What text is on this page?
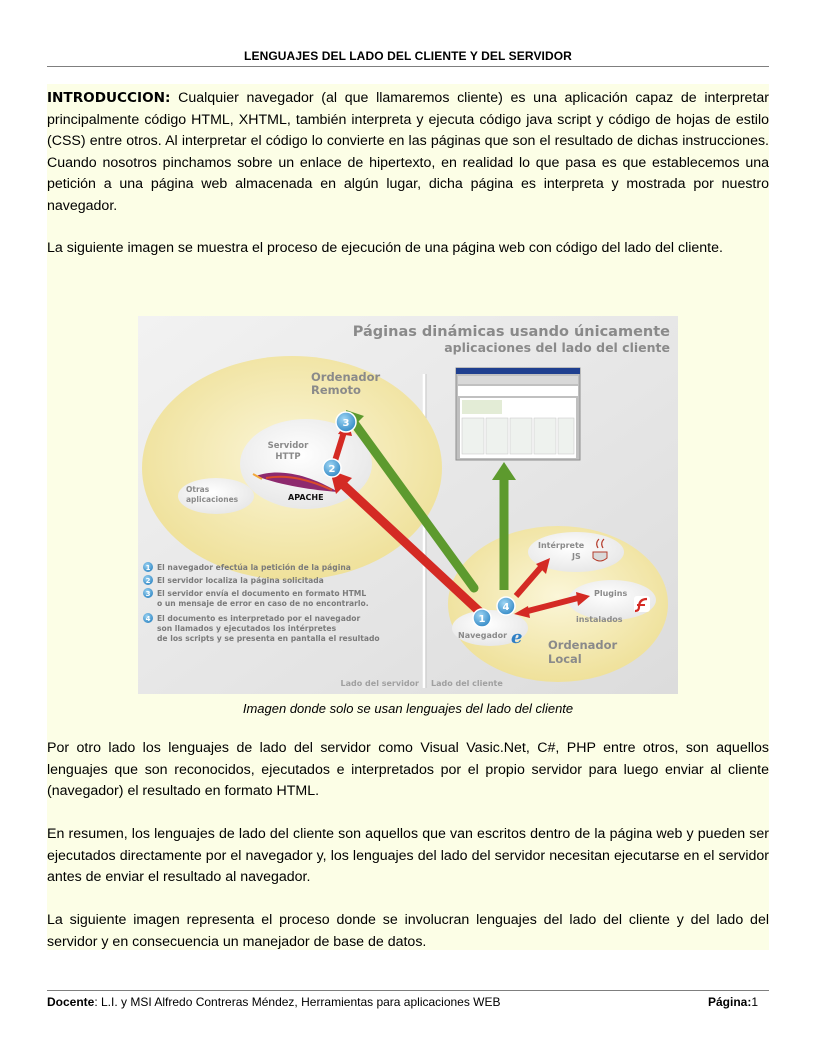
LENGUAJES DEL LADO DEL CLIENTE Y DEL SERVIDOR
INTRODUCCION: Cualquier navegador (al que llamaremos cliente) es una aplicación capaz de interpretar principalmente código HTML, XHTML, también interpreta y ejecuta código java script y código de hojas de estilo (CSS) entre otros. Al interpretar el código lo convierte en las páginas que son el resultado de dichas instrucciones. Cuando nosotros pinchamos sobre un enlace de hipertexto, en realidad lo que pasa es que establecemos una petición a una página web almacenada en algún lugar, dicha página es interpreta y mostrada por nuestro navegador.
La siguiente imagen se muestra el proceso de ejecución de una página web con código del lado del cliente.
Páginas dinámicas usando únicamente
aplicaciones del lado del cliente
Ordenador
Remoto
Servidor
HTTP
APACHE
Otras
aplicaciones
Ordenador
Local
Intérprete
JS
Plugins
instalados
Navegador e
1
2
3
4
1 El navegador efectúa la petición de la página
2 El servidor localiza la página solicitada
3 El servidor envía el documento en formato HTML
o un mensaje de error en caso de no encontrarlo.
4 El documento es interpretado por el navegador
son llamados y ejecutados los intérpretes
de los scripts y se presenta en pantalla el resultado
Lado del servidor Lado del cliente
Imagen donde solo se usan lenguajes del lado del cliente
Por otro lado los lenguajes de lado del servidor como Visual Vasic.Net, C#, PHP entre otros, son aquellos lenguajes que son reconocidos, ejecutados e interpretados por el propio servidor para luego enviar al cliente (navegador) el resultado en formato HTML.
En resumen, los lenguajes de lado del cliente son aquellos que van escritos dentro de la página web y pueden ser ejecutados directamente por el navegador y, los lenguajes del lado del servidor necesitan ejecutarse en el servidor antes de enviar el resultado al navegador.
La siguiente imagen representa el proceso donde se involucran lenguajes del lado del cliente y del lado del servidor y en consecuencia un manejador de base de datos.
Docente: L.I. y MSI Alfredo Contreras Méndez, Herramientas para aplicaciones WEB	Página:1
